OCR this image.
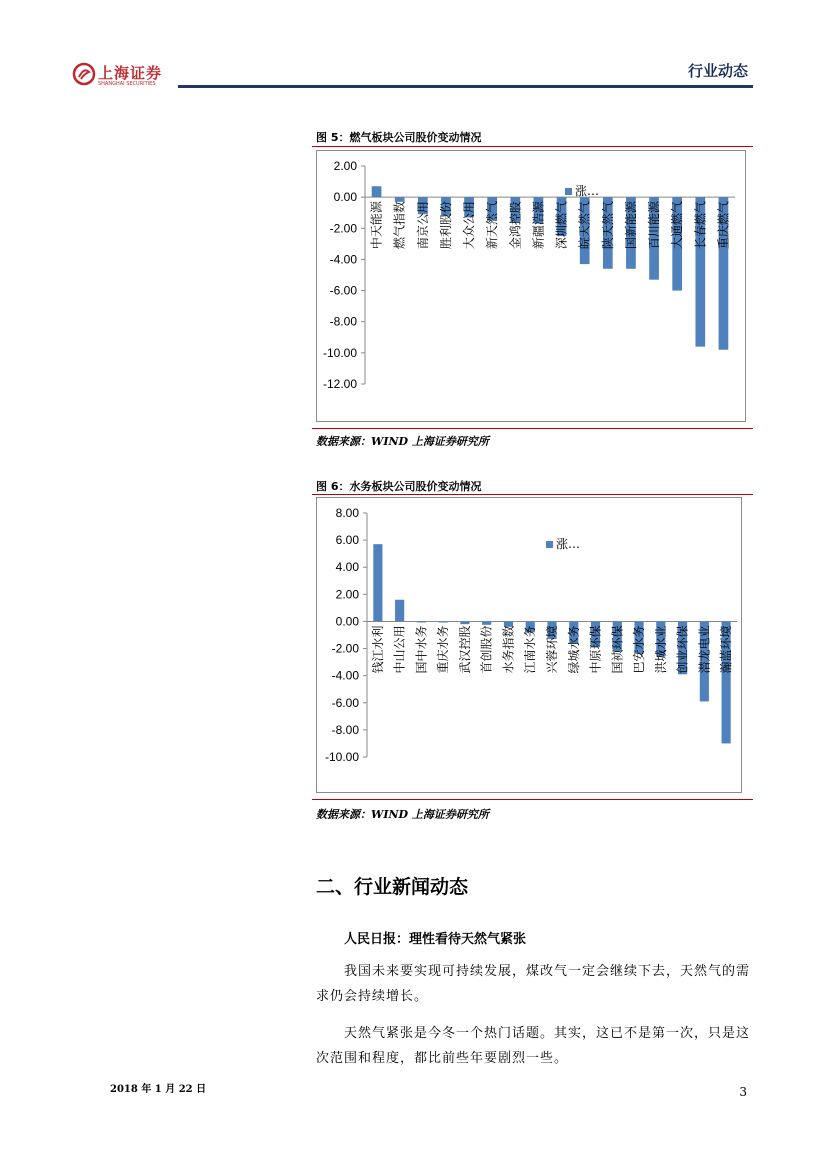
上海证券
SHANGHAI SECURITIES
行业动态
图 5：燃气板块公司股价变动情况
2.00
0.00
-2.00
-4.00
-6.00
-8.00
-10.00
-12.00
中天能源 燃气指数 南京公用 胜利股份 大众公用 新天然气 金鸿控股 新疆浩源 深圳燃气 皖天然气 陕天然气 国新能源 百川能源 大通燃气 长春燃气 重庆燃气
涨…
数据来源：WIND 上海证券研究所
图 6：水务板块公司股价变动情况
8.00
6.00
4.00
2.00
0.00
-2.00
-4.00
-6.00
-8.00
-10.00
钱江水利 中山公用 国中水务 重庆水务 武汉控股 首创股份 水务指数 江南水务 兴蓉环境 绿城水务 中原环保 国祯环保 巴安水务 洪城水业 创业环保 潜龙电业 瀚蓝环境
涨…
数据来源：WIND 上海证券研究所
二、行业新闻动态
人民日报：理性看待天然气紧张
我国未来要实现可持续发展，煤改气一定会继续下去，天然气的需求仍会持续增长。
天然气紧张是今冬一个热门话题。其实，这已不是第一次，只是这次范围和程度，都比前些年要剧烈一些。
2018 年 1 月 22 日	3
